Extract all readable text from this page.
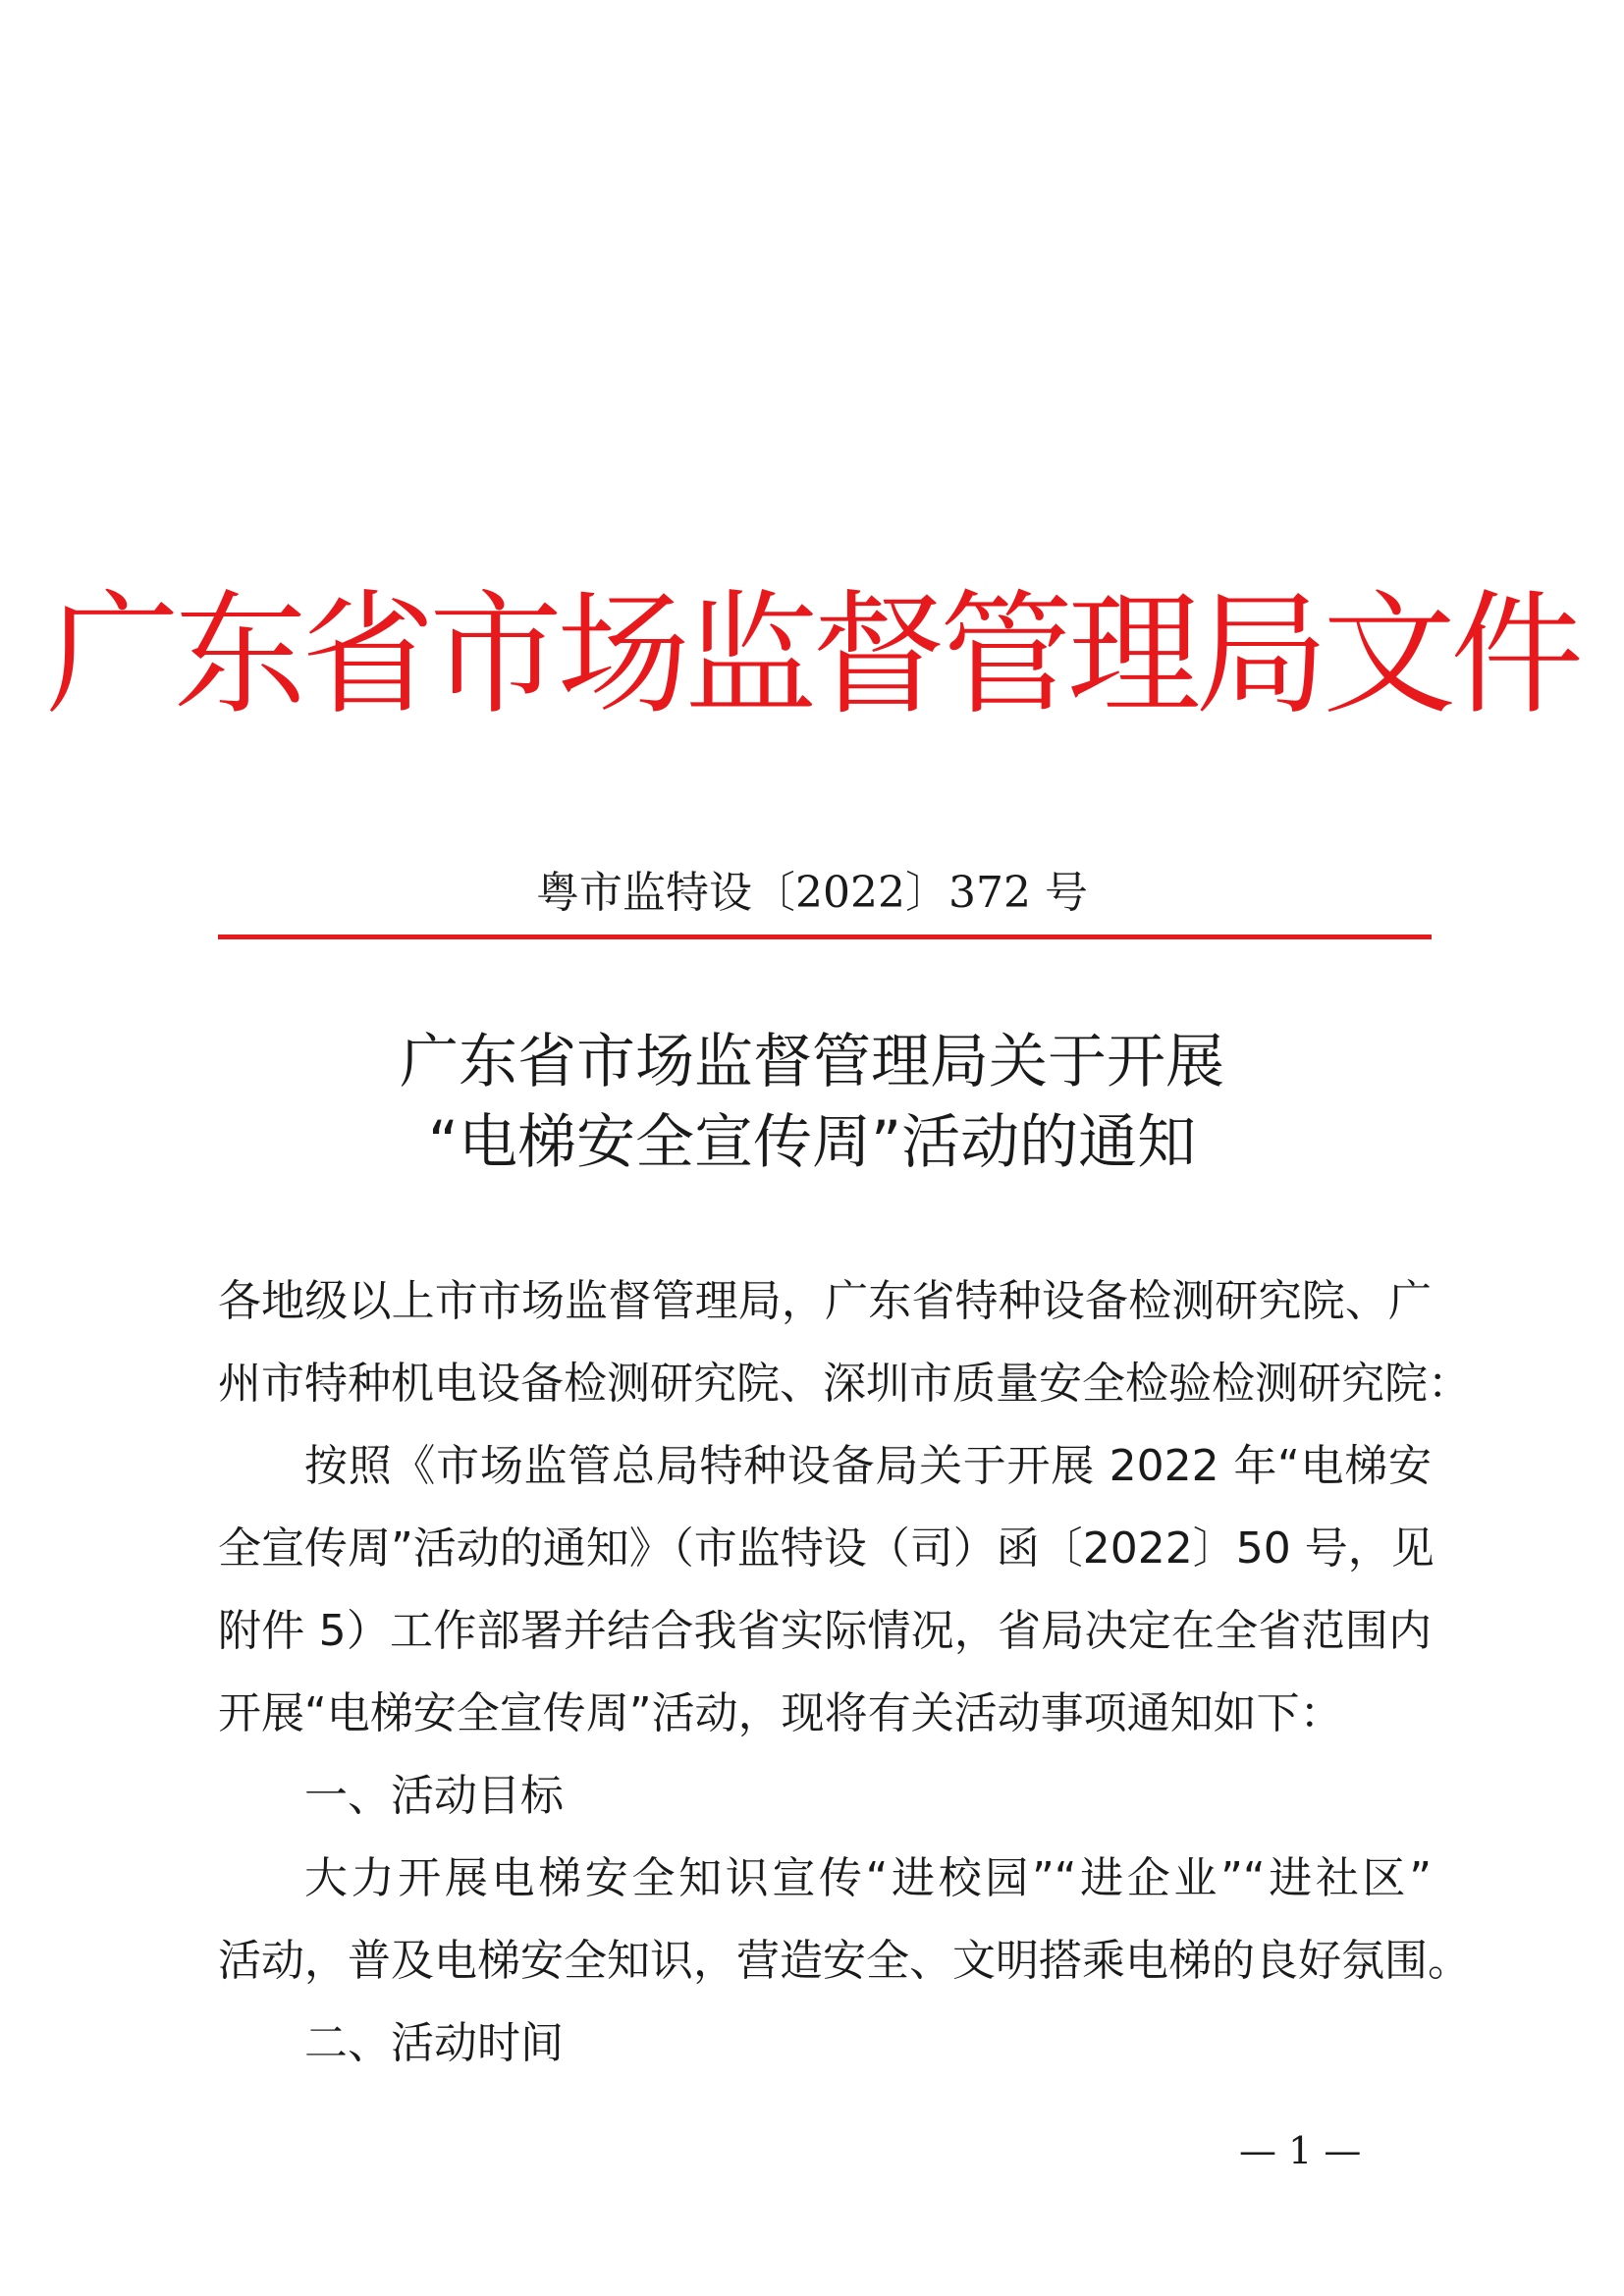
广东省市场监督管理局文件
粤市监特设〔2022〕372 号
广东省市场监督管理局关于开展
“电梯安全宣传周”活动的通知
各地级以上市市场监督管理局，广东省特种设备检测研究院、广
州市特种机电设备检测研究院、深圳市质量安全检验检测研究院：
按照《市场监管总局特种设备局关于开展 2022 年“电梯安
全宣传周”活动的通知》（市监特设（司）函〔2022〕50 号，见
附件 5）工作部署并结合我省实际情况，省局决定在全省范围内
开展“电梯安全宣传周”活动，现将有关活动事项通知如下：
一、活动目标
大力开展电梯安全知识宣传“进校园”“进企业”“进社区”
活动，普及电梯安全知识，营造安全、文明搭乘电梯的良好氛围。
二、活动时间
— 1 —
